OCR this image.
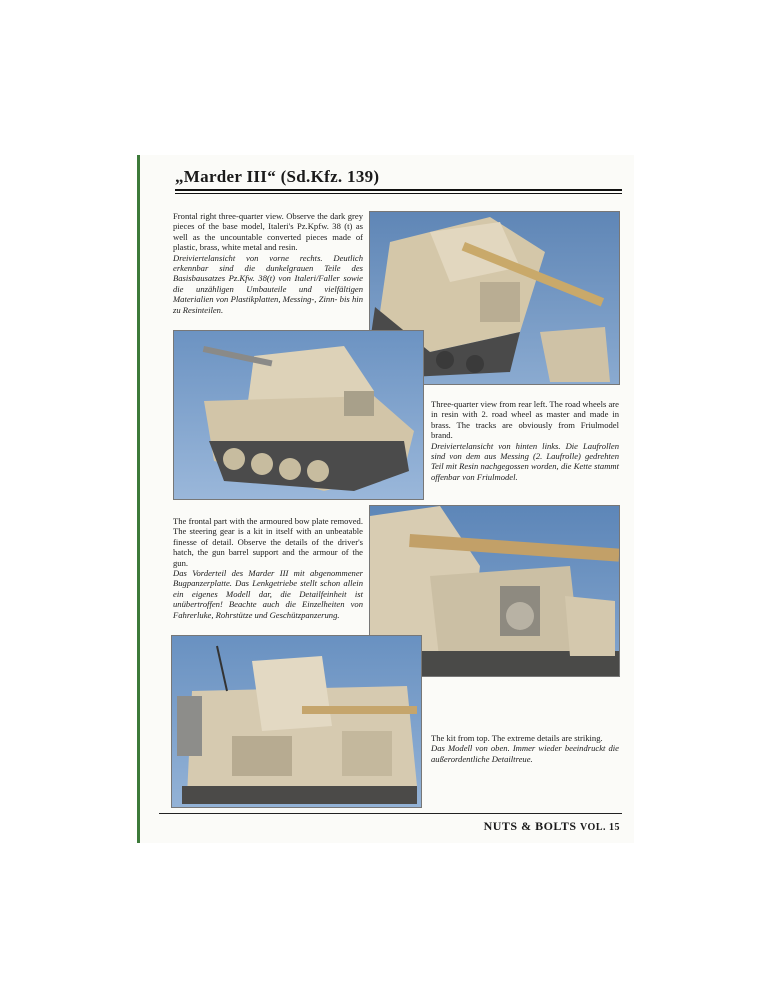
„Marder III“ (Sd.Kfz. 139)
Frontal right three-quarter view. Observe the dark grey pieces of the base model, Italeri's Pz.Kpfw. 38 (t) as well as the uncountable converted pieces made of plastic, brass, white metal and resin.
Dreiviertelansicht von vorne rechts. Deutlich erkennbar sind die dunkelgrauen Teile des Basisbausatzes Pz.Kfw. 38(t) von Italeri/Faller sowie die unzähligen Umbauteile und vielfältigen Materialien von Plastikplatten, Messing-, Zinn- bis hin zu Resinteilen.
Three-quarter view from rear left. The road wheels are in resin with 2. road wheel as master and made in brass. The tracks are obviously from Friulmodel brand.
Dreiviertelansicht von hinten links. Die Laufrollen sind von dem aus Messing (2. Laufrolle) gedrehten Teil mit Resin nachgegossen worden, die Kette stammt offenbar von Friulmodel.
The frontal part with the armoured bow plate removed. The steering gear is a kit in itself with an unbeatable finesse of detail. Observe the details of the driver's hatch, the gun barrel support and the armour of the gun.
Das Vorderteil des Marder III mit abgenommener Bugpanzerplatte. Das Lenkgetriebe stellt schon allein ein eigenes Modell dar, die Detailfeinheit ist unübertroffen! Beachte auch die Einzelheiten von Fahrerluke, Rohrstütze und Geschützpanzerung.
The kit from top. The extreme details are striking.
Das Modell von oben. Immer wieder beeindruckt die außerordentliche Detailtreue.
NUTS & BOLTS VOL. 15
